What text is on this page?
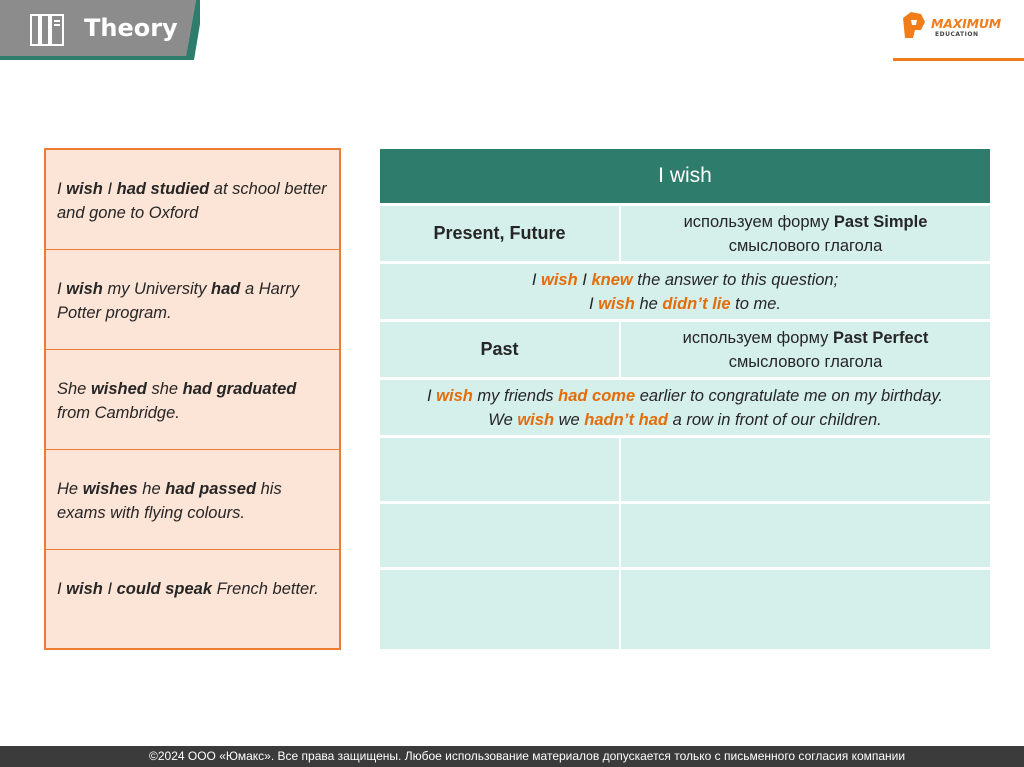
Theory	MAXIMUM
EDUCATION
I wish I had studied at school better and gone to Oxford
I wish my University had a Harry Potter program.
She wished she had graduated from Cambridge.
He wishes he had passed his exams with flying colours.
I wish I could speak French better.
I wish
Present, Future
используем форму Past Simple
смыслового глагола
I wish I knew the answer to this question;
I wish he didn’t lie to me.
Past
используем форму Past Perfect
смыслового глагола
I wish my friends had come earlier to congratulate me on my birthday.
We wish we hadn’t had a row in front of our children.
©2024 ООО «Юмакс». Все права защищены. Любое использование материалов допускается только с письменного согласия компании
